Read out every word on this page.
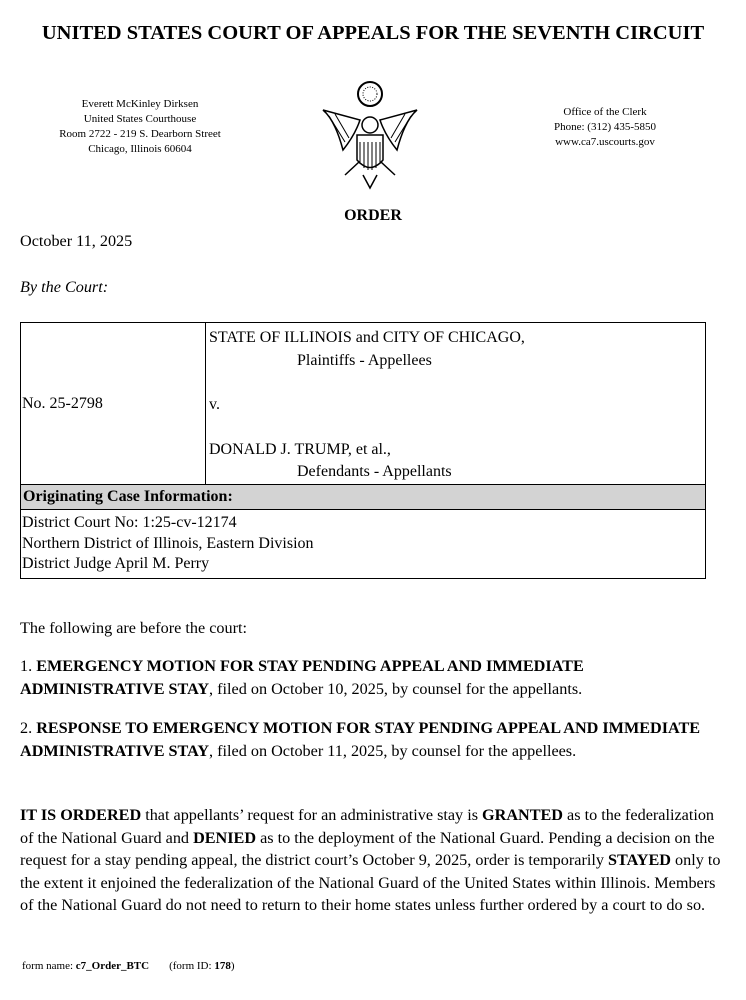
UNITED STATES COURT OF APPEALS FOR THE SEVENTH CIRCUIT
Everett McKinley Dirksen
United States Courthouse
Room 2722 - 219 S. Dearborn Street
Chicago, Illinois 60604
Office of the Clerk
Phone: (312) 435-5850
www.ca7.uscourts.gov
ORDER
October 11, 2025
By the Court:
No. 25-2798
STATE OF ILLINOIS and CITY OF CHICAGO,
Plaintiffs - Appellees
v.
DONALD J. TRUMP, et al.,
Defendants - Appellants
Originating Case Information:
District Court No: 1:25-cv-12174
Northern District of Illinois, Eastern Division
District Judge April M. Perry
The following are before the court:
1. EMERGENCY MOTION FOR STAY PENDING APPEAL AND IMMEDIATE ADMINISTRATIVE STAY, filed on October 10, 2025, by counsel for the appellants.
2. RESPONSE TO EMERGENCY MOTION FOR STAY PENDING APPEAL AND IMMEDIATE ADMINISTRATIVE STAY, filed on October 11, 2025, by counsel for the appellees.
IT IS ORDERED that appellants’ request for an administrative stay is GRANTED as to the federalization of the National Guard and DENIED as to the deployment of the National Guard. Pending a decision on the request for a stay pending appeal, the district court’s October 9, 2025, order is temporarily STAYED only to the extent it enjoined the federalization of the National Guard of the United States within Illinois. Members of the National Guard do not need to return to their home states unless further ordered by a court to do so.
form name: c7_Order_BTC (form ID: 178)
